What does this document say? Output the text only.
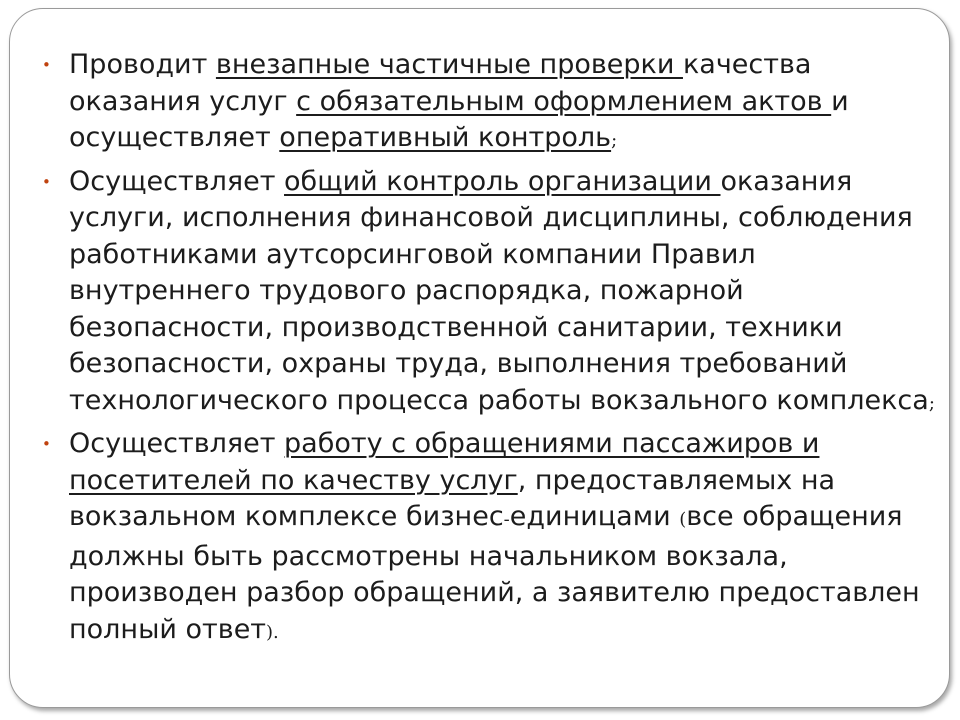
• Проводит внезапные частичные проверки качества оказания услуг с обязательным оформлением актов и осуществляет оперативный контроль;

• Осуществляет общий контроль организации оказания услуги, исполнения финансовой дисциплины, соблюдения работниками аутсорсинговой компании Правил внутреннего трудового распорядка, пожарной безопасности, производственной санитарии, техники безопасности, охраны труда, выполнения требований технологического процесса работы вокзального комплекса;

• Осуществляет работу с обращениями пассажиров и посетителей по качеству услуг, предоставляемых на вокзальном комплексе бизнес-единицами (все обращения должны быть рассмотрены начальником вокзала, производен разбор обращений, а заявителю предоставлен полный ответ).
